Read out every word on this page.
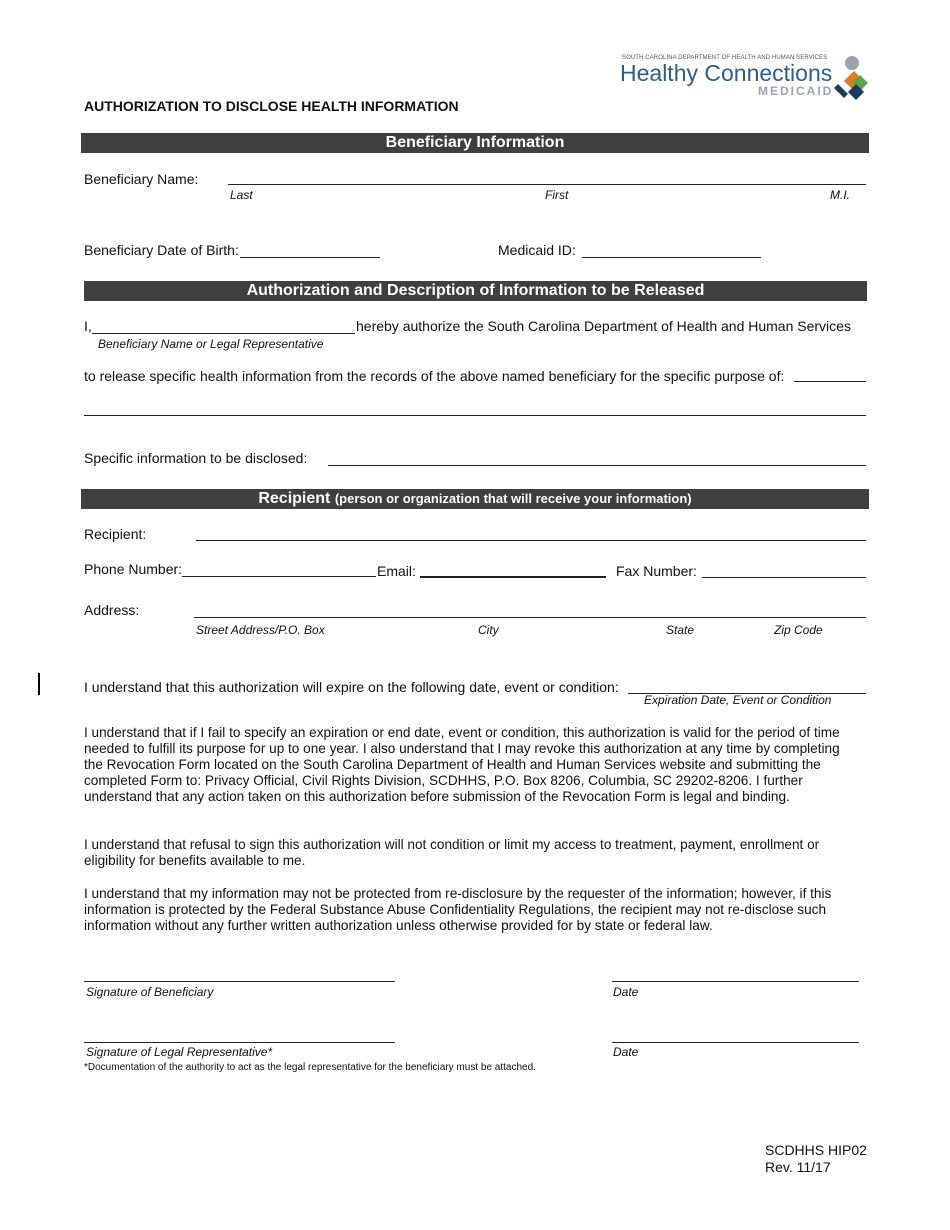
SOUTH CAROLINA DEPARTMENT OF HEALTH AND HUMAN SERVICES
Healthy Connections
MEDICAID
AUTHORIZATION TO DISCLOSE HEALTH INFORMATION
Beneficiary Information
Beneficiary Name:
Last	First	M.I.
Beneficiary Date of Birth:	Medicaid ID:
Authorization and Description of Information to be Released
I,	hereby authorize the South Carolina Department of Health and Human Services
Beneficiary Name or Legal Representative
to release specific health information from the records of the above named beneficiary for the specific purpose of:
Specific information to be disclosed:
Recipient (person or organization that will receive your information)
Recipient:
Phone Number:	Email:	Fax Number:
Address:
Street Address/P.O. Box	City	State	Zip Code
I understand that this authorization will expire on the following date, event or condition:
Expiration Date, Event or Condition
I understand that if I fail to specify an expiration or end date, event or condition, this authorization is valid for the period of time needed to fulfill its purpose for up to one year. I also understand that I may revoke this authorization at any time by completing the Revocation Form located on the South Carolina Department of Health and Human Services website and submitting the completed Form to: Privacy Official, Civil Rights Division, SCDHHS, P.O. Box 8206, Columbia, SC 29202-8206. I further understand that any action taken on this authorization before submission of the Revocation Form is legal and binding.
I understand that refusal to sign this authorization will not condition or limit my access to treatment, payment, enrollment or eligibility for benefits available to me.
I understand that my information may not be protected from re-disclosure by the requester of the information; however, if this information is protected by the Federal Substance Abuse Confidentiality Regulations, the recipient may not re-disclose such information without any further written authorization unless otherwise provided for by state or federal law.
Signature of Beneficiary	Date
Signature of Legal Representative*	Date
*Documentation of the authority to act as the legal representative for the beneficiary must be attached.
SCDHHS HIP02
Rev. 11/17
